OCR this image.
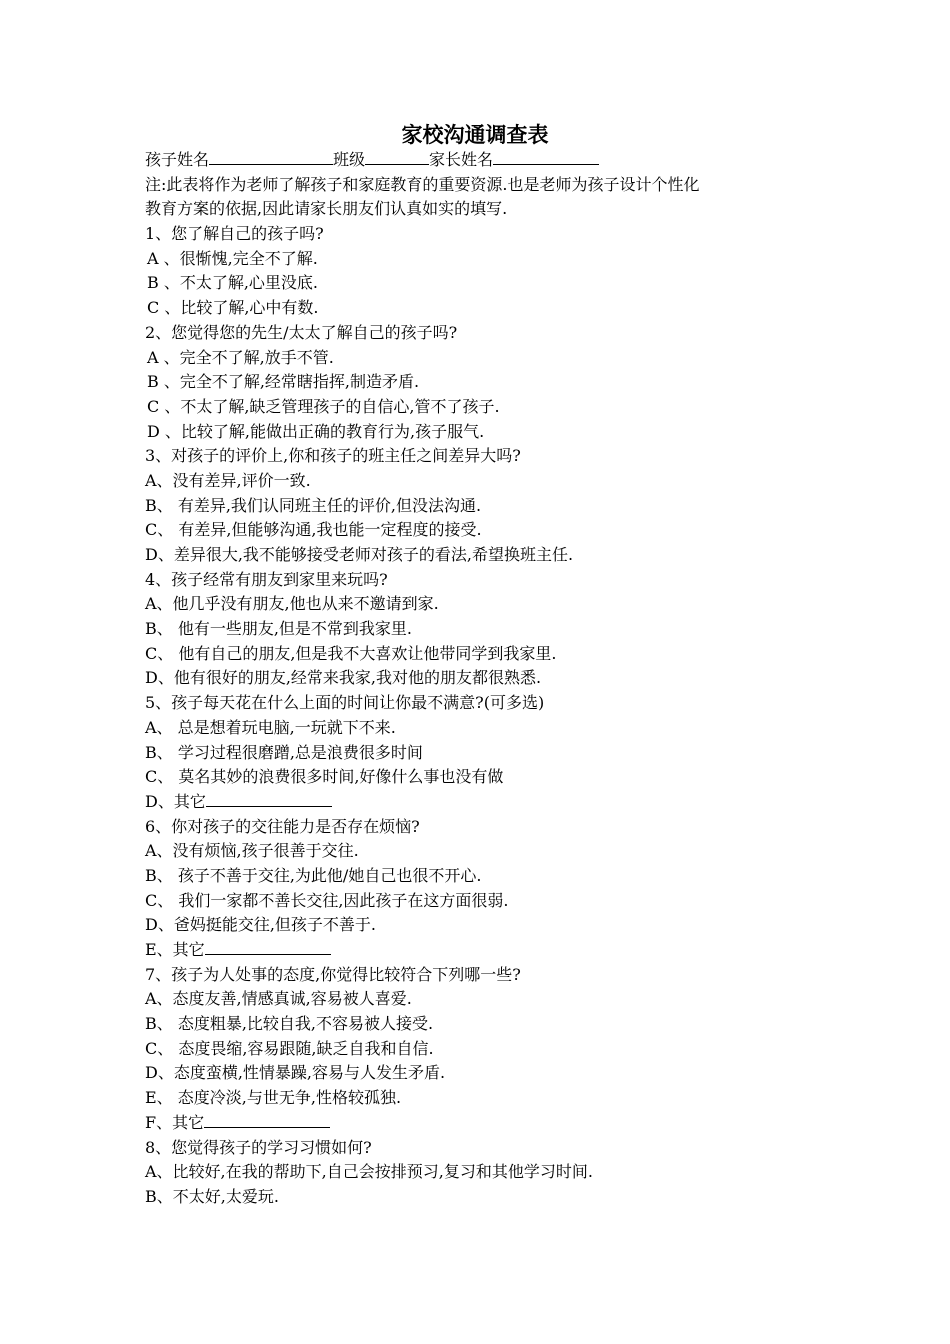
家校沟通调查表
孩子姓名	班级	家长姓名
注:此表将作为老师了解孩子和家庭教育的重要资源.也是老师为孩子设计个性化
教育方案的依据,因此请家长朋友们认真如实的填写.
1、您了解自己的孩子吗?
A 、很惭愧,完全不了解.
B 、不太了解,心里没底.
C 、比较了解,心中有数.
2、您觉得您的先生/太太了解自己的孩子吗?
A 、完全不了解,放手不管.
B 、完全不了解,经常瞎指挥,制造矛盾.
C 、不太了解,缺乏管理孩子的自信心,管不了孩子.
D 、比较了解,能做出正确的教育行为,孩子服气.
3、对孩子的评价上,你和孩子的班主任之间差异大吗?
A、没有差异,评价一致.
B、 有差异,我们认同班主任的评价,但没法沟通.
C、 有差异,但能够沟通,我也能一定程度的接受.
D、差异很大,我不能够接受老师对孩子的看法,希望换班主任.
4、孩子经常有朋友到家里来玩吗?
A、他几乎没有朋友,他也从来不邀请到家.
B、 他有一些朋友,但是不常到我家里.
C、 他有自己的朋友,但是我不大喜欢让他带同学到我家里.
D、他有很好的朋友,经常来我家,我对他的朋友都很熟悉.
5、孩子每天花在什么上面的时间让你最不满意?(可多选)
A、 总是想着玩电脑,一玩就下不来.
B、 学习过程很磨蹭,总是浪费很多时间
C、 莫名其妙的浪费很多时间,好像什么事也没有做
D、其它
6、你对孩子的交往能力是否存在烦恼?
A、没有烦恼,孩子很善于交往.
B、 孩子不善于交往,为此他/她自己也很不开心.
C、 我们一家都不善长交往,因此孩子在这方面很弱.
D、爸妈挺能交往,但孩子不善于.
E、其它
7、孩子为人处事的态度,你觉得比较符合下列哪一些?
A、态度友善,情感真诚,容易被人喜爱.
B、 态度粗暴,比较自我,不容易被人接受.
C、 态度畏缩,容易跟随,缺乏自我和自信.
D、态度蛮横,性情暴躁,容易与人发生矛盾.
E、 态度冷淡,与世无争,性格较孤独.
F、其它
8、您觉得孩子的学习习惯如何?
A、比较好,在我的帮助下,自己会按排预习,复习和其他学习时间.
B、不太好,太爱玩.
